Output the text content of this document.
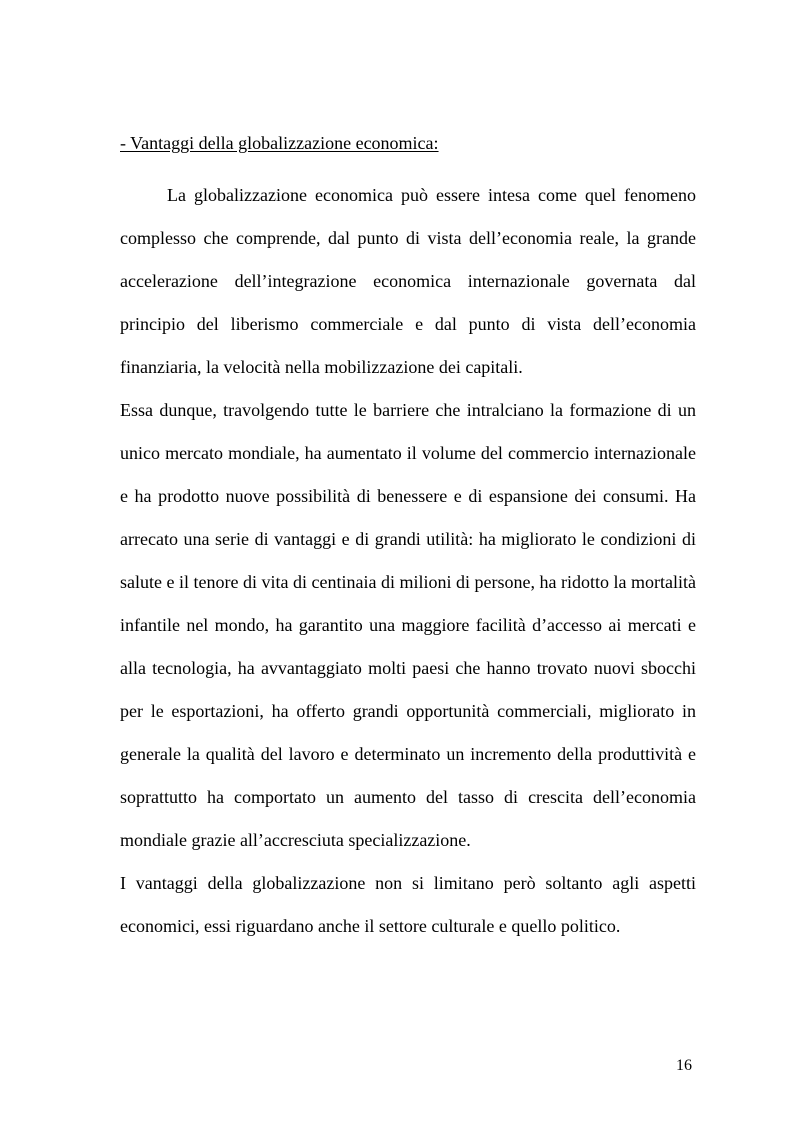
- Vantaggi della globalizzazione economica:

La globalizzazione economica può essere intesa come quel fenomeno complesso che comprende, dal punto di vista dell’economia reale, la grande accelerazione dell’integrazione economica internazionale governata dal principio del liberismo commerciale e dal punto di vista dell’economia finanziaria, la velocità nella mobilizzazione dei capitali.

Essa dunque, travolgendo tutte le barriere che intralciano la formazione di un unico mercato mondiale, ha aumentato il volume del commercio internazionale e ha prodotto nuove possibilità di benessere e di espansione dei consumi. Ha arrecato una serie di vantaggi e di grandi utilità: ha migliorato le condizioni di salute e il tenore di vita di centinaia di milioni di persone, ha ridotto la mortalità infantile nel mondo, ha garantito una maggiore facilità d’accesso ai mercati e alla tecnologia, ha avvantaggiato molti paesi che hanno trovato nuovi sbocchi per le esportazioni, ha offerto grandi opportunità commerciali, migliorato in generale la qualità del lavoro e determinato un incremento della produttività e soprattutto ha comportato un aumento del tasso di crescita dell’economia mondiale grazie all’accresciuta specializzazione.

I vantaggi della globalizzazione non si limitano però soltanto agli aspetti economici, essi riguardano anche il settore culturale e quello politico.

16
